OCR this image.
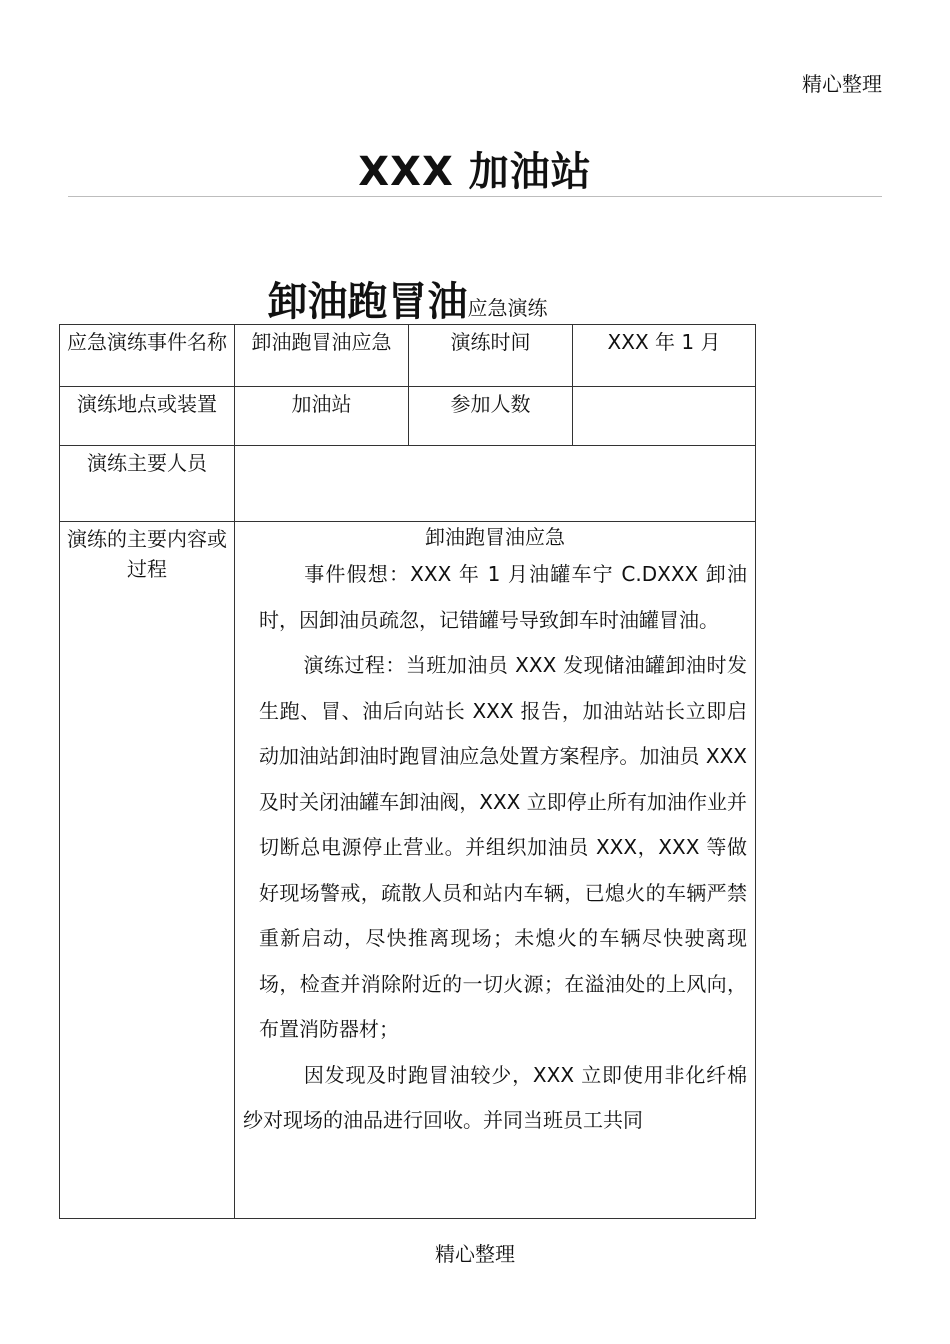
精心整理
XXX 加油站
卸油跑冒油应急演练
应急演练事件名称	卸油跑冒油应急	演练时间	XXX 年 1 月
演练地点或装置	加油站	参加人数	
演练主要人员			
演练的主要内容或过程	卸油跑冒油应急

事件假想：XXX 年 1 月油罐车宁 C.DXXX 卸油时，因卸油员疏忽，记错罐号导致卸车时油罐冒油。

演练过程：当班加油员 XXX 发现储油罐卸油时发生跑、冒、油后向站长 XXX 报告，加油站站长立即启动加油站卸油时跑冒油应急处置方案程序。加油员 XXX 及时关闭油罐车卸油阀，XXX 立即停止所有加油作业并切断总电源停止营业。并组织加油员 XXX，XXX 等做好现场警戒，疏散人员和站内车辆，已熄火的车辆严禁重新启动，尽快推离现场；未熄火的车辆尽快驶离现场，检查并消除附近的一切火源；在溢油处的上风向，布置消防器材；

因发现及时跑冒油较少，XXX 立即使用非化纤棉纱对现场的油品进行回收。并同当班员工共同		

精心整理
